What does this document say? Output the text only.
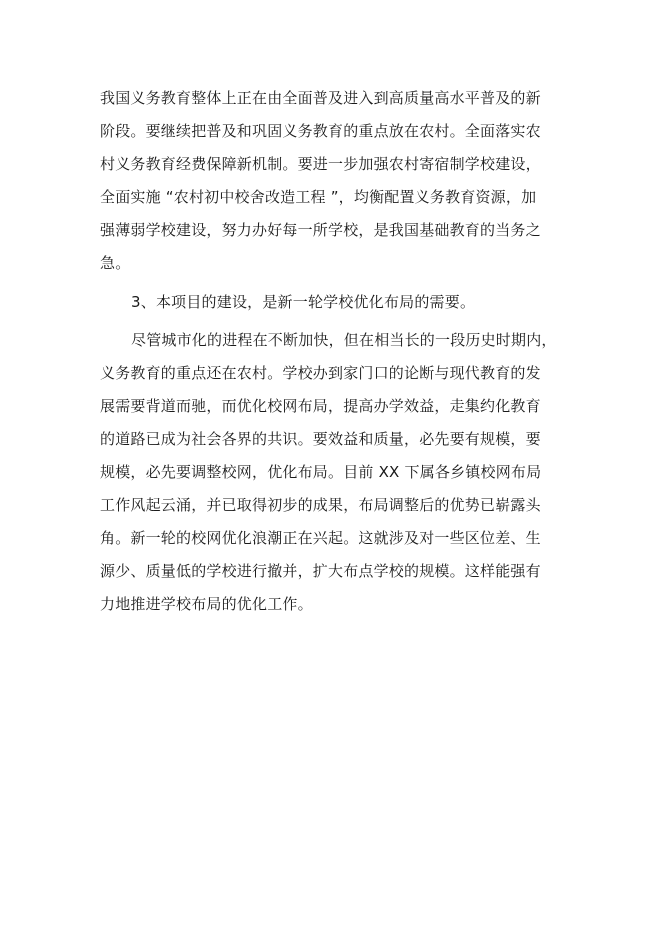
我国义务教育整体上正在由全面普及进入到高质量高水平普及的新
阶段。要继续把普及和巩固义务教育的重点放在农村。全面落实农
村义务教育经费保障新机制。要进一步加强农村寄宿制学校建设，
全面实施 “农村初中校舍改造工程 ”，均衡配置义务教育资源，加
强薄弱学校建设，努力办好每一所学校，是我国基础教育的当务之
急。
3、本项目的建设，是新一轮学校优化布局的需要。
尽管城市化的进程在不断加快，但在相当长的一段历史时期内，
义务教育的重点还在农村。学校办到家门口的论断与现代教育的发
展需要背道而驰，而优化校网布局，提高办学效益，走集约化教育
的道路已成为社会各界的共识。要效益和质量，必先要有规模，要
规模，必先要调整校网，优化布局。目前 XX 下属各乡镇校网布局
工作风起云涌，并已取得初步的成果，布局调整后的优势已崭露头
角。新一轮的校网优化浪潮正在兴起。这就涉及对一些区位差、生
源少、质量低的学校进行撤并，扩大布点学校的规模。这样能强有
力地推进学校布局的优化工作。
